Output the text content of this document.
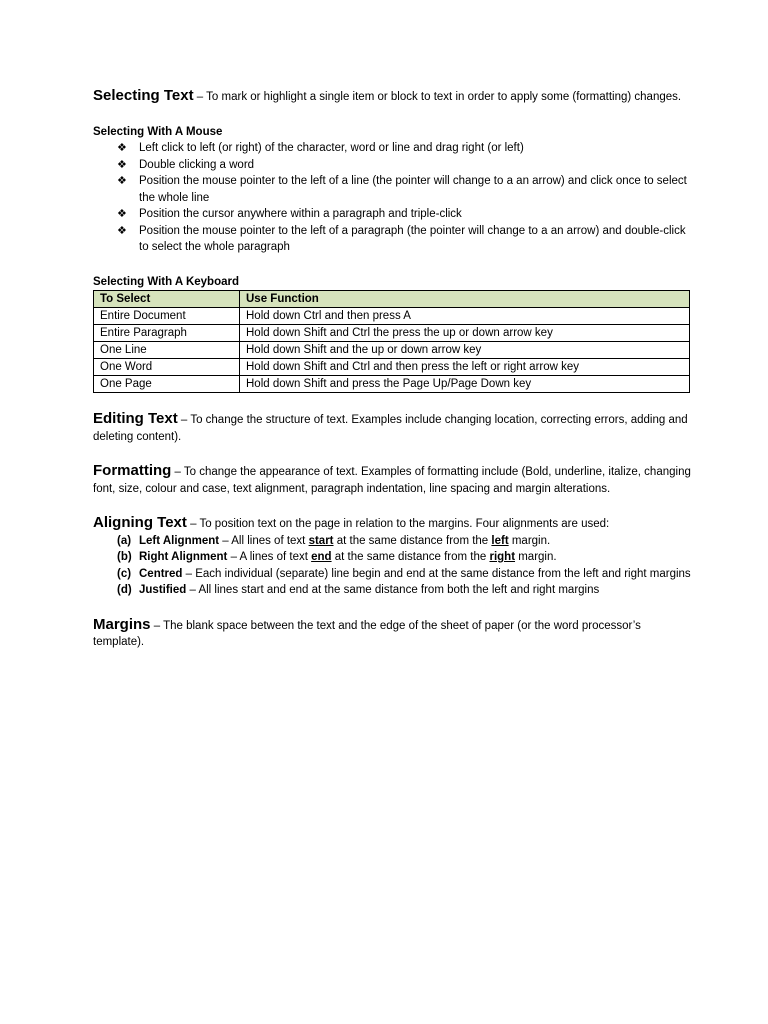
Selecting Text – To mark or highlight a single item or block to text in order to apply some (formatting) changes.

Selecting With A Mouse

❖ Left click to left (or right) of the character, word or line and drag right (or left)
❖ Double clicking a word
❖ Position the mouse pointer to the left of a line (the pointer will change to a an arrow) and click once to select the whole line
❖ Position the cursor anywhere within a paragraph and triple-click
❖ Position the mouse pointer to the left of a paragraph (the pointer will change to a an arrow) and double-click to select the whole paragraph

Selecting With A Keyboard

To Select	Use Function
Entire Document	Hold down Ctrl and then press A
Entire Paragraph	Hold down Shift and Ctrl the press the up or down arrow key
One Line	Hold down Shift and the up or down arrow key
One Word	Hold down Shift and Ctrl and then press the left or right arrow key
One Page	Hold down Shift and press the Page Up/Page Down key

Editing Text – To change the structure of text. Examples include changing location, correcting errors, adding and deleting content).

Formatting – To change the appearance of text. Examples of formatting include (Bold, underline, italize, changing font, size, colour and case, text alignment, paragraph indentation, line spacing and margin alterations.

Aligning Text – To position text on the page in relation to the margins. Four alignments are used:

(a) Left Alignment – All lines of text start at the same distance from the left margin.
(b) Right Alignment – A lines of text end at the same distance from the right margin.
(c) Centred – Each individual (separate) line begin and end at the same distance from the left and right margins
(d) Justified – All lines start and end at the same distance from both the left and right margins

Margins – The blank space between the text and the edge of the sheet of paper (or the word processor’s template).
